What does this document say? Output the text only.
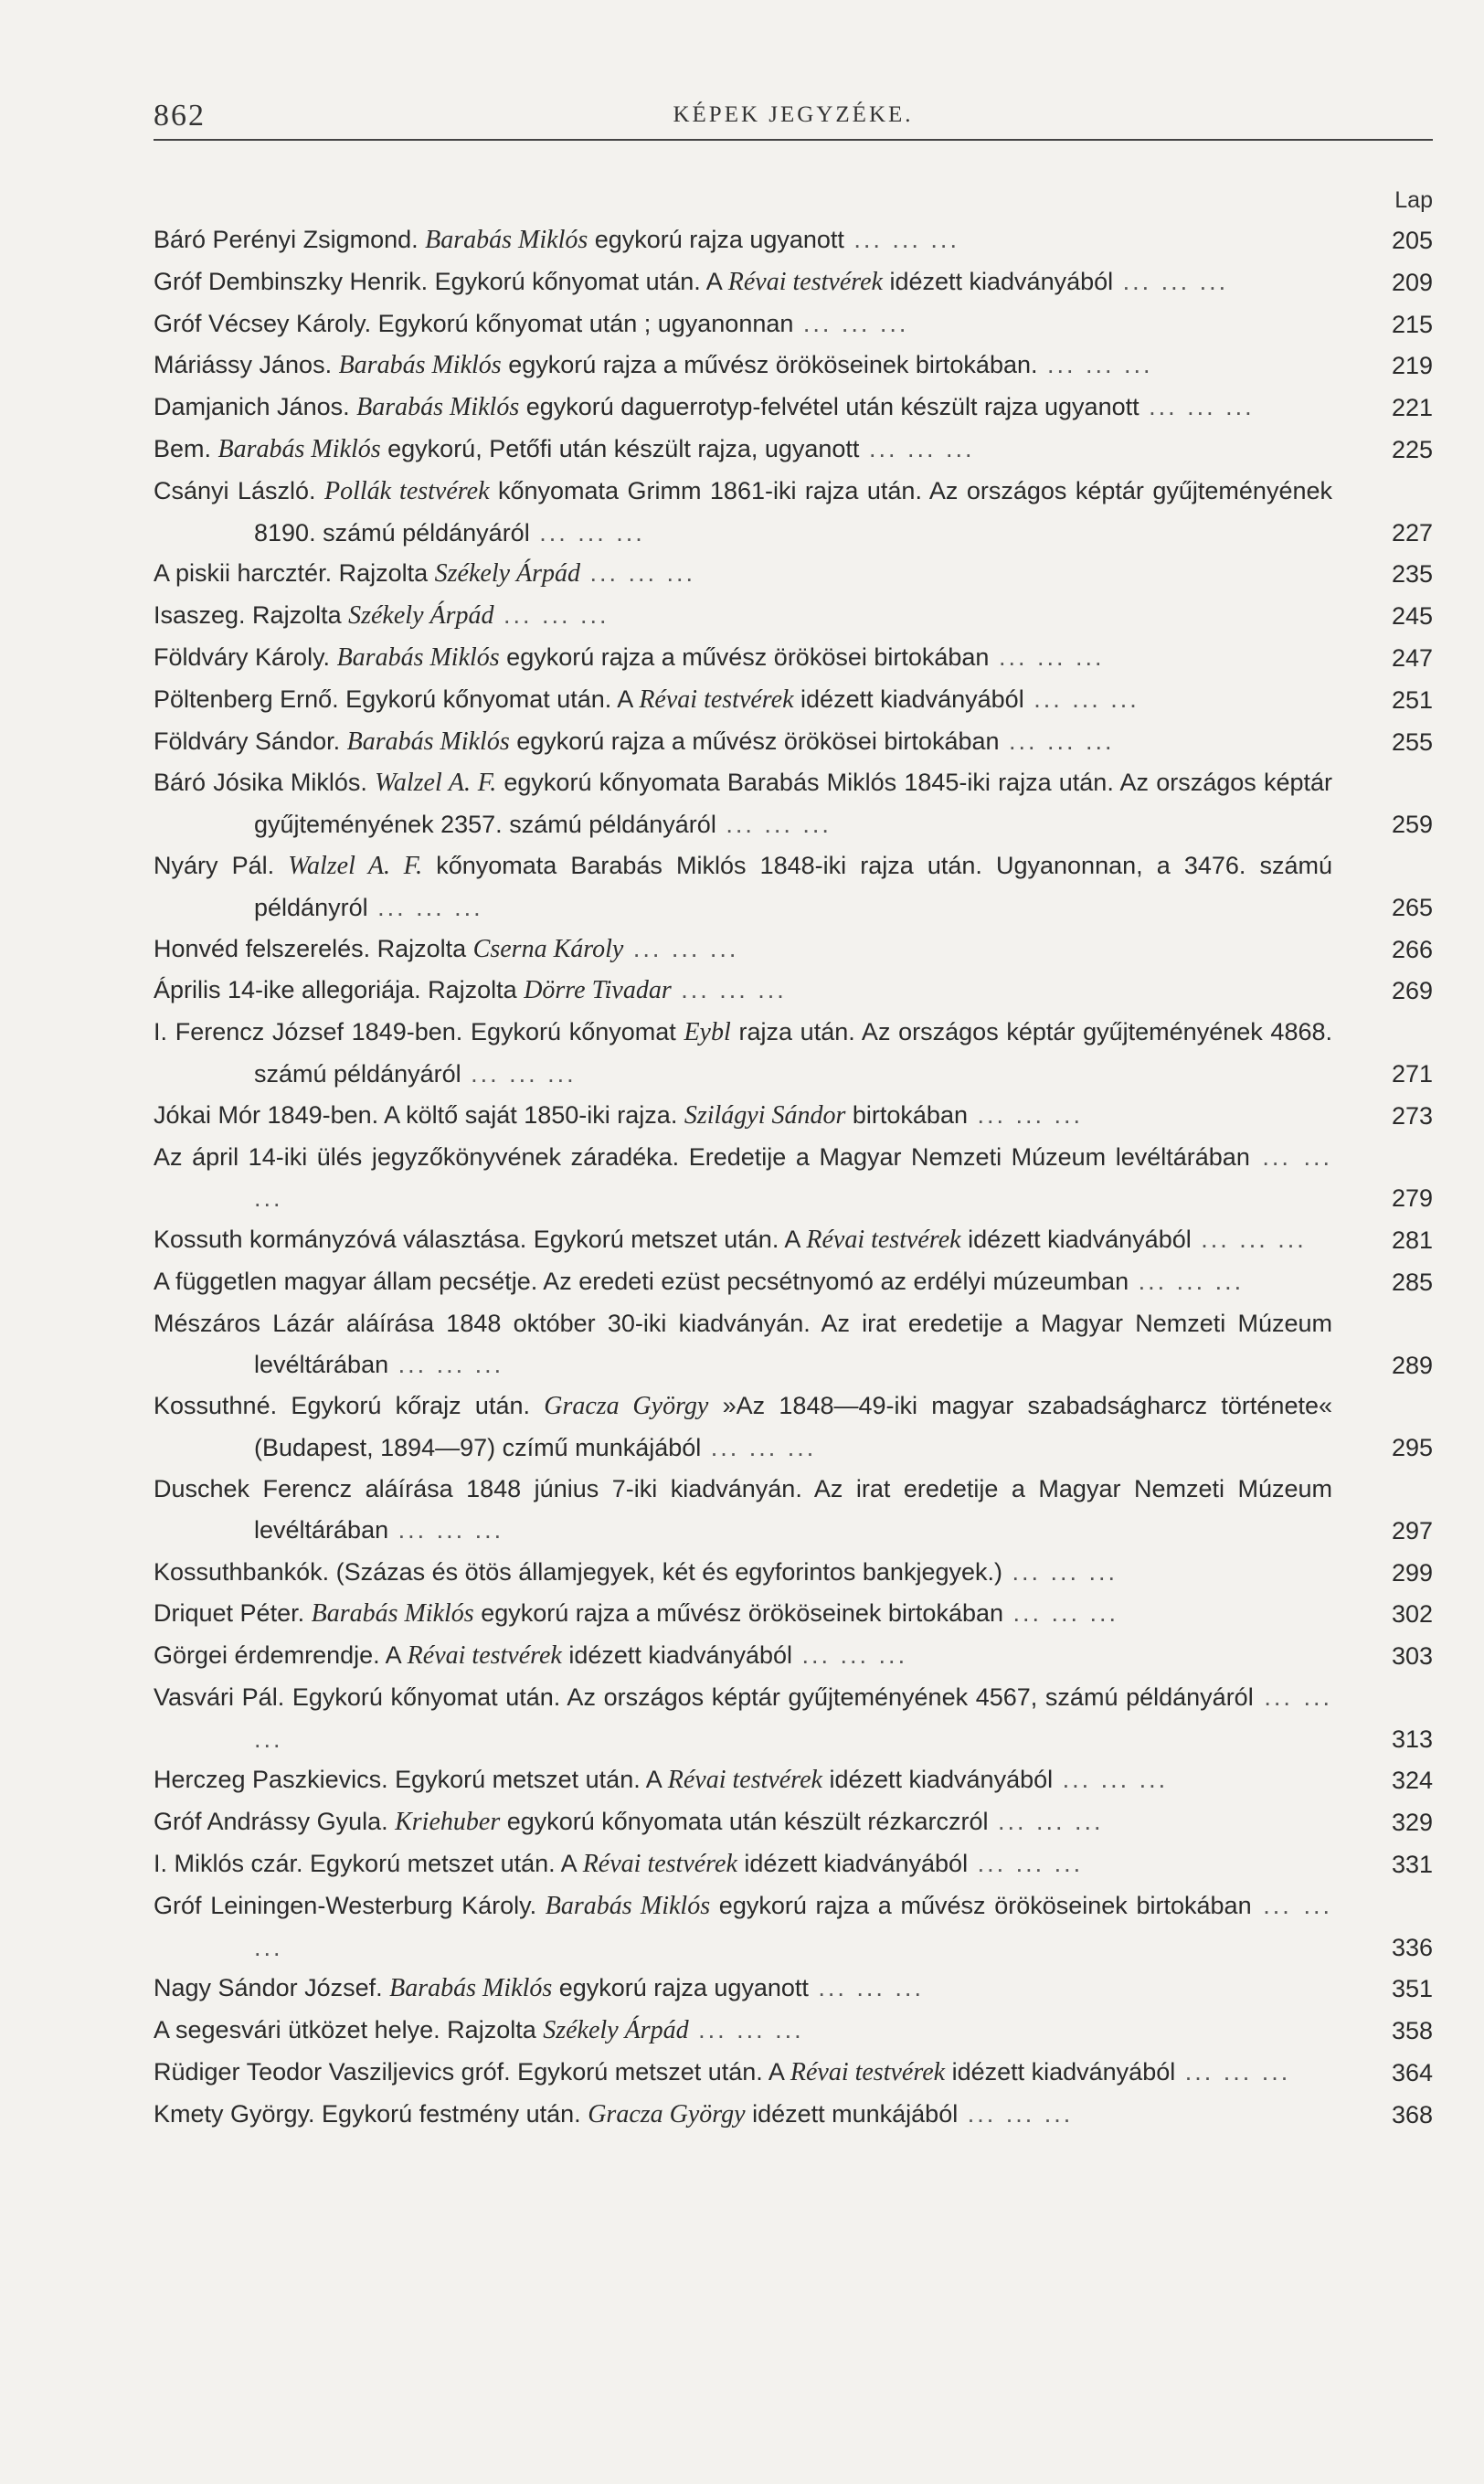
862	KÉPEK JEGYZÉKE.
Lap
Báró Perényi Zsigmond. Barabás Miklós egykorú rajza ugyanott ... ... ...	205
Gróf Dembinszky Henrik. Egykorú kőnyomat után. A Révai testvérek idézett kiadványából ... ... ...	209
Gróf Vécsey Károly. Egykorú kőnyomat után ; ugyanonnan ... ... ...	215
Máriássy János. Barabás Miklós egykorú rajza a művész örököseinek birtokában. ... ... ...	219
Damjanich János. Barabás Miklós egykorú daguerrotyp-felvétel után készült rajza ugyanott ... ... ...	221
Bem. Barabás Miklós egykorú, Petőfi után készült rajza, ugyanott ... ... ...	225
Csányi László. Pollák testvérek kőnyomata Grimm 1861-iki rajza után. Az országos képtár gyűjteményének 8190. számú példányáról ... ... ...	227
A piskii harcztér. Rajzolta Székely Árpád ... ... ...	235
Isaszeg. Rajzolta Székely Árpád ... ... ...	245
Földváry Károly. Barabás Miklós egykorú rajza a művész örökösei birtokában ... ... ...	247
Pöltenberg Ernő. Egykorú kőnyomat után. A Révai testvérek idézett kiadványából ... ... ...	251
Földváry Sándor. Barabás Miklós egykorú rajza a művész örökösei birtokában ... ... ...	255
Báró Jósika Miklós. Walzel A. F. egykorú kőnyomata Barabás Miklós 1845-iki rajza után. Az országos képtár gyűjteményének 2357. számú példányáról ... ... ...	259
Nyáry Pál. Walzel A. F. kőnyomata Barabás Miklós 1848-iki rajza után. Ugyanonnan, a 3476. számú példányról ... ... ...	265
Honvéd felszerelés. Rajzolta Cserna Károly ... ... ...	266
Április 14-ike allegoriája. Rajzolta Dörre Tivadar ... ... ...	269
I. Ferencz József 1849-ben. Egykorú kőnyomat Eybl rajza után. Az országos képtár gyűjteményének 4868. számú példányáról ... ... ...	271
Jókai Mór 1849-ben. A költő saját 1850-iki rajza. Szilágyi Sándor birtokában ... ... ...	273
Az ápril 14-iki ülés jegyzőkönyvének záradéka. Eredetije a Magyar Nemzeti Múzeum levéltárában ... ... ...	279
Kossuth kormányzóvá választása. Egykorú metszet után. A Révai testvérek idézett kiadványából ... ... ...	281
A független magyar állam pecsétje. Az eredeti ezüst pecsétnyomó az erdélyi múzeumban ... ... ...	285
Mészáros Lázár aláírása 1848 október 30-iki kiadványán. Az irat eredetije a Magyar Nemzeti Múzeum levéltárában ... ... ...	289
Kossuthné. Egykorú kőrajz után. Gracza György »Az 1848—49-iki magyar szabadságharcz története« (Budapest, 1894—97) czímű munkájából ... ... ...	295
Duschek Ferencz aláírása 1848 június 7-iki kiadványán. Az irat eredetije a Magyar Nemzeti Múzeum levéltárában ... ... ...	297
Kossuthbankók. (Százas és ötös államjegyek, két és egyforintos bankjegyek.) ... ... ...	299
Driquet Péter. Barabás Miklós egykorú rajza a művész örököseinek birtokában ... ... ...	302
Görgei érdemrendje. A Révai testvérek idézett kiadványából ... ... ...	303
Vasvári Pál. Egykorú kőnyomat után. Az országos képtár gyűjteményének 4567, számú példányáról ... ... ...	313
Herczeg Paszkievics. Egykorú metszet után. A Révai testvérek idézett kiadványából ... ... ...	324
Gróf Andrássy Gyula. Kriehuber egykorú kőnyomata után készült rézkarczról ... ... ...	329
I. Miklós czár. Egykorú metszet után. A Révai testvérek idézett kiadványából ... ... ...	331
Gróf Leiningen-Westerburg Károly. Barabás Miklós egykorú rajza a művész örököseinek birtokában ... ... ...	336
Nagy Sándor József. Barabás Miklós egykorú rajza ugyanott ... ... ...	351
A segesvári ütközet helye. Rajzolta Székely Árpád ... ... ...	358
Rüdiger Teodor Vasziljevics gróf. Egykorú metszet után. A Révai testvérek idézett kiadványából ... ... ...	364
Kmety György. Egykorú festmény után. Gracza György idézett munkájából ... ... ...	368
